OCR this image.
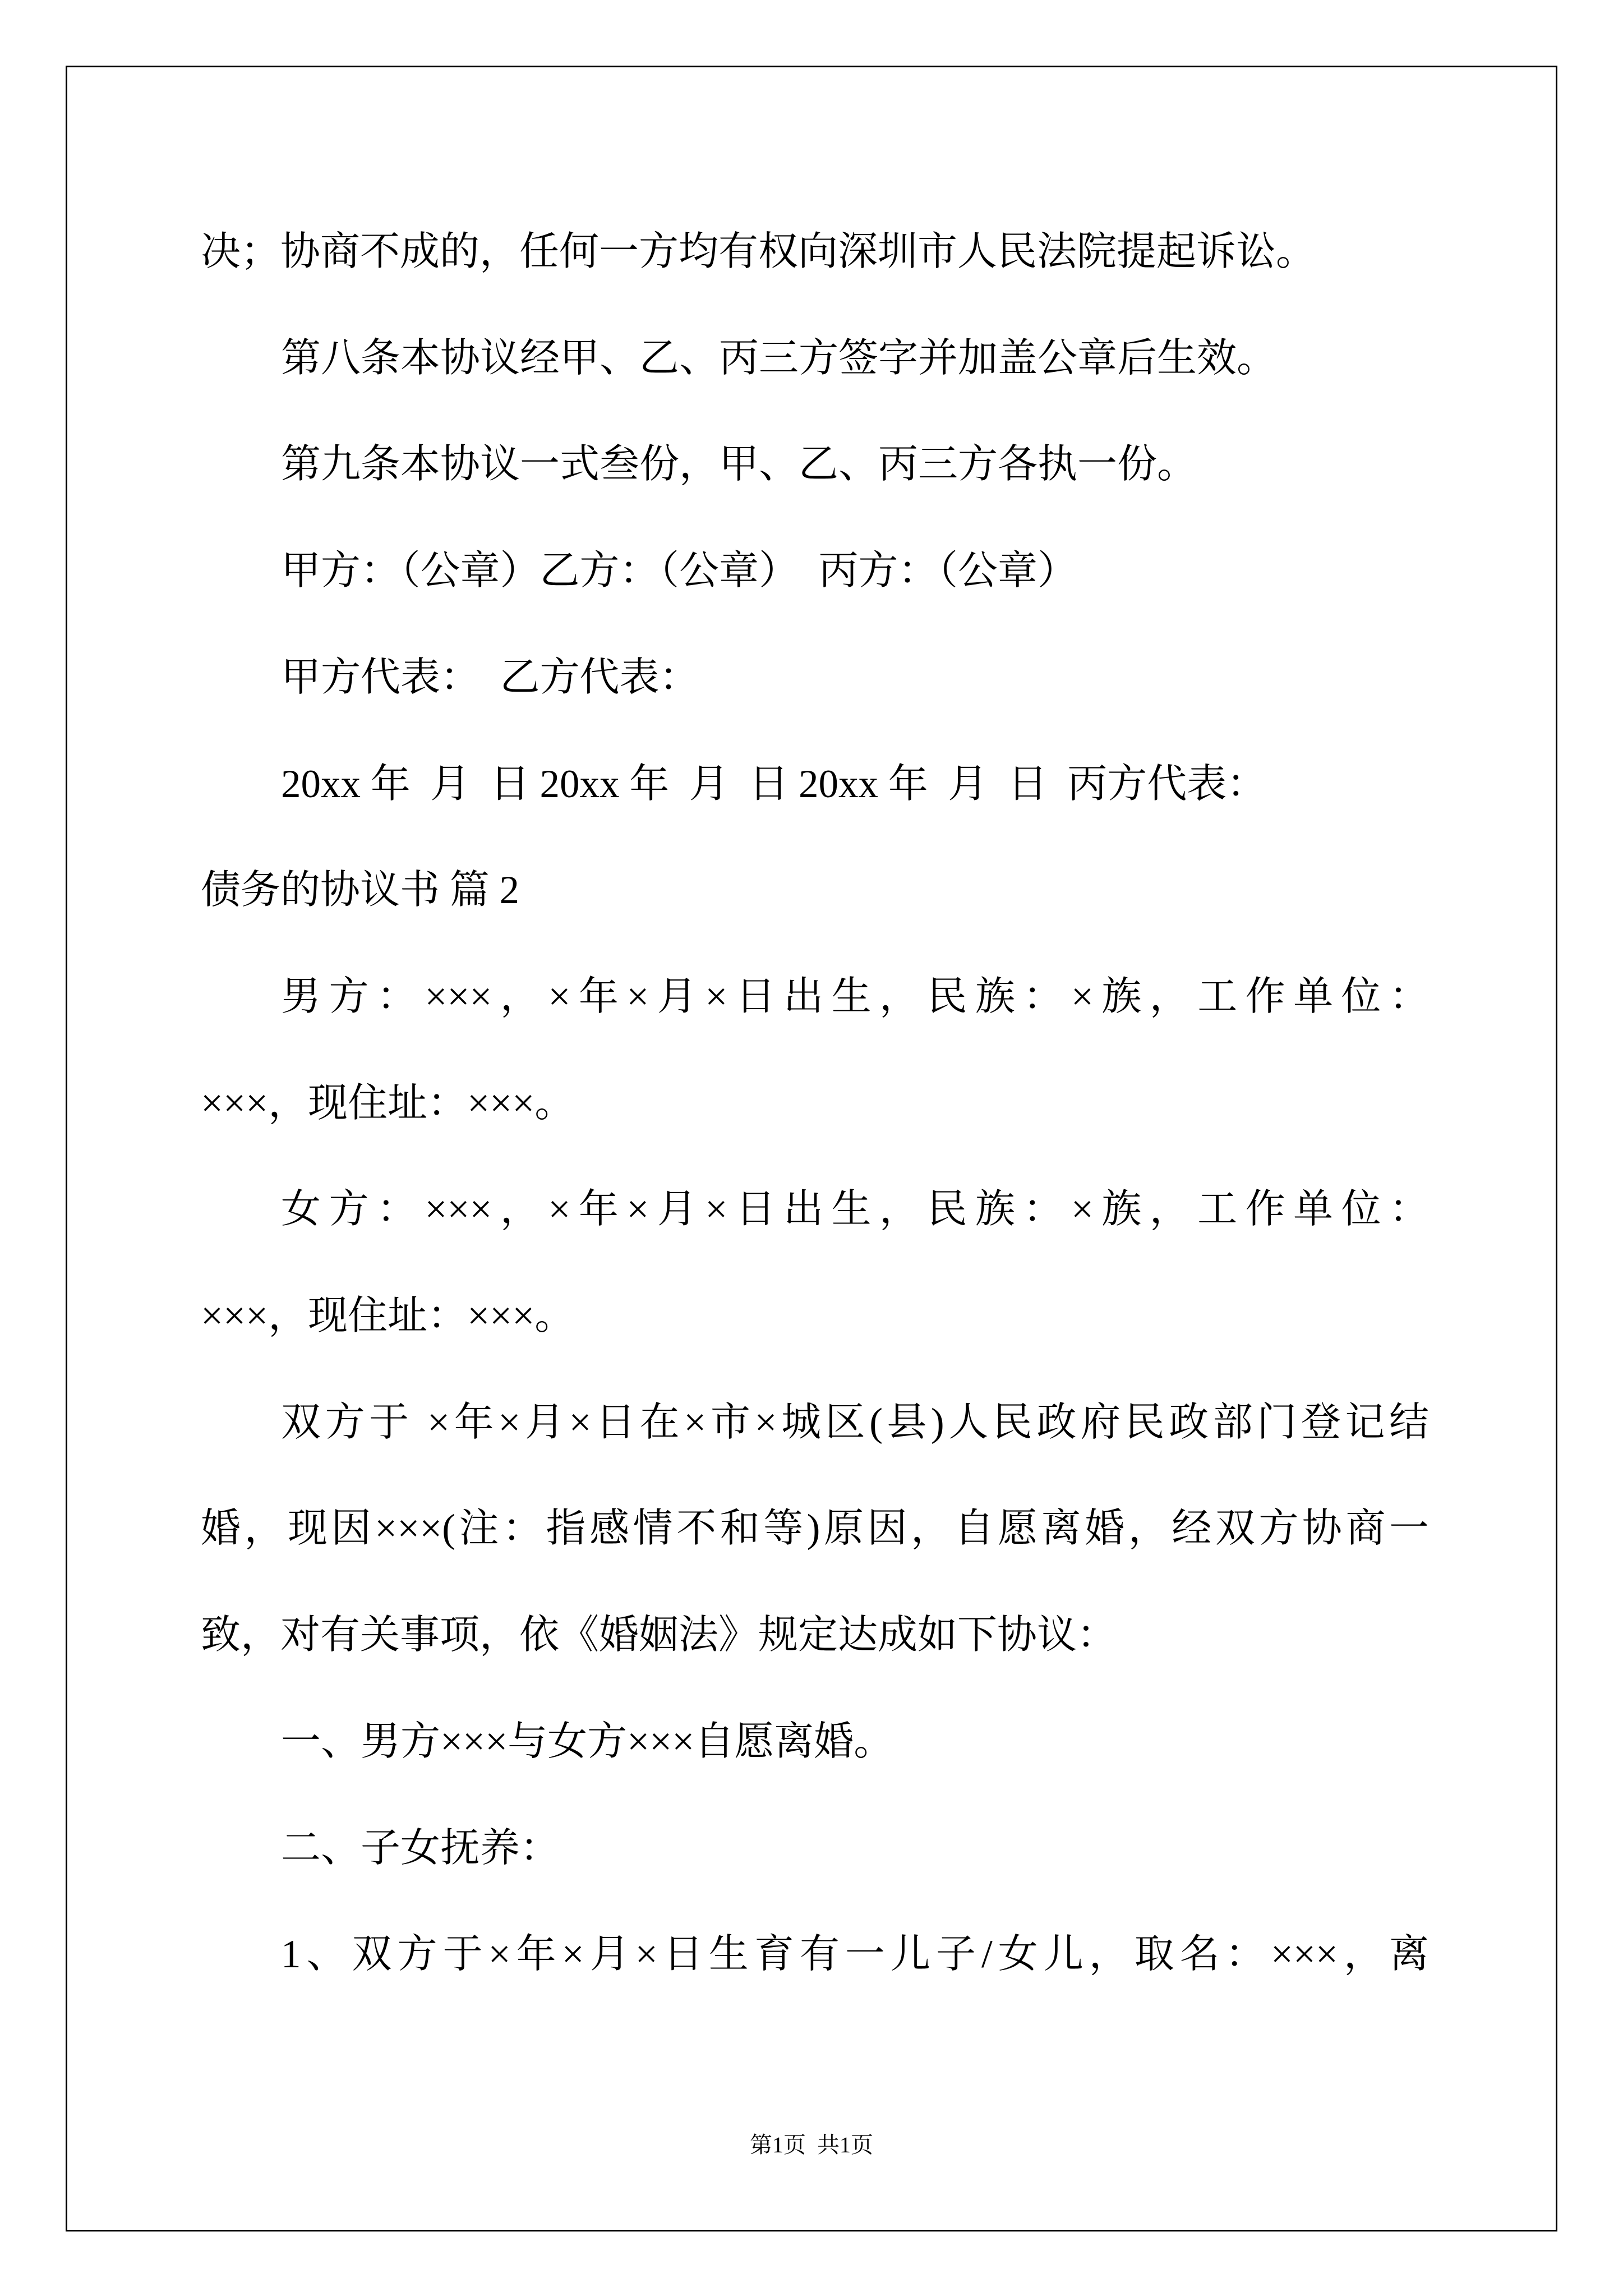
决；协商不成的，任何一方均有权向深圳市人民法院提起诉讼。
第八条本协议经甲、乙、丙三方签字并加盖公章后生效。
第九条本协议一式叁份，甲、乙、丙三方各执一份。
甲方：（公章）乙方：（公章）  丙方：（公章）
甲方代表：  乙方代表：
20xx 年  月  日 20xx 年  月  日 20xx 年  月  日  丙方代表：
债务的协议书 篇 2
男方：×××，×年×月×日出生，民族：×族，工作单位：
×××，现住址：×××。
女方：×××，×年×月×日出生，民族：×族，工作单位：
×××，现住址：×××。
双方于 ×年×月×日在×市×城区(县)人民政府民政部门登记结
婚，现因×××(注：指感情不和等)原因，自愿离婚，经双方协商一
致，对有关事项，依《婚姻法》规定达成如下协议：
一、男方×××与女方×××自愿离婚。
二、子女抚养：
1、双方于×年×月×日生育有一儿子/女儿，取名：×××，离
第1页  共1页
